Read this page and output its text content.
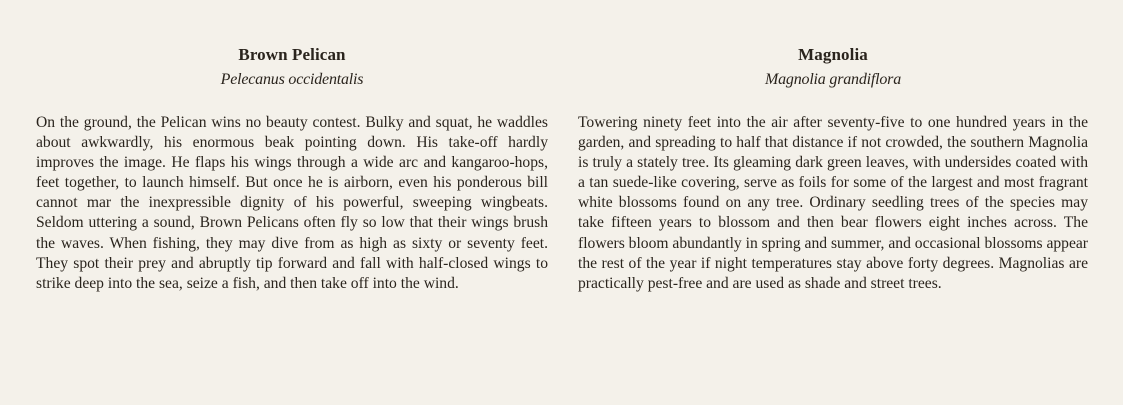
Brown Pelican

Pelecanus occidentalis

On the ground, the Pelican wins no beauty contest. Bulky and squat, he waddles about awkwardly, his enormous beak pointing down. His take-off hardly improves the image. He flaps his wings through a wide arc and kangaroo-hops, feet together, to launch himself. But once he is airborn, even his ponderous bill cannot mar the inexpressible dignity of his powerful, sweeping wingbeats. Seldom uttering a sound, Brown Pelicans often fly so low that their wings brush the waves. When fishing, they may dive from as high as sixty or seventy feet. They spot their prey and abruptly tip forward and fall with half-closed wings to strike deep into the sea, seize a fish, and then take off into the wind.

Magnolia

Magnolia grandiflora

Towering ninety feet into the air after seventy-five to one hundred years in the garden, and spreading to half that distance if not crowded, the southern Magnolia is truly a stately tree. Its gleaming dark green leaves, with undersides coated with a tan suede-like covering, serve as foils for some of the largest and most fragrant white blossoms found on any tree. Ordinary seedling trees of the species may take fifteen years to blossom and then bear flowers eight inches across. The flowers bloom abundantly in spring and summer, and occasional blossoms appear the rest of the year if night temperatures stay above forty degrees. Magnolias are practically pest-free and are used as shade and street trees.
